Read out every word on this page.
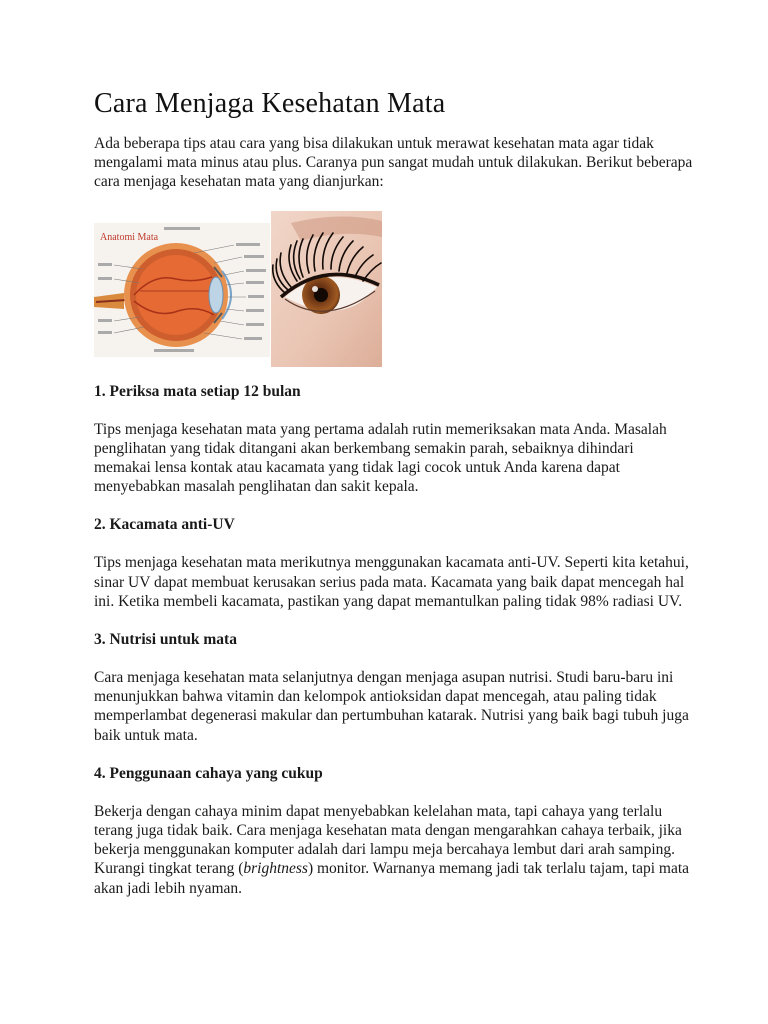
Cara Menjaga Kesehatan Mata

Ada beberapa tips atau cara yang bisa dilakukan untuk merawat kesehatan mata agar tidak mengalami mata minus atau plus. Caranya pun sangat mudah untuk dilakukan. Berikut beberapa cara menjaga kesehatan mata yang dianjurkan:

Anatomi Mata
1. Periksa mata setiap 12 bulan

Tips menjaga kesehatan mata yang pertama adalah rutin memeriksakan mata Anda. Masalah penglihatan yang tidak ditangani akan berkembang semakin parah, sebaiknya dihindari memakai lensa kontak atau kacamata yang tidak lagi cocok untuk Anda karena dapat menyebabkan masalah penglihatan dan sakit kepala.

2. Kacamata anti-UV

Tips menjaga kesehatan mata merikutnya menggunakan kacamata anti-UV. Seperti kita ketahui, sinar UV dapat membuat kerusakan serius pada mata. Kacamata yang baik dapat mencegah hal ini. Ketika membeli kacamata, pastikan yang dapat memantulkan paling tidak 98% radiasi UV.

3. Nutrisi untuk mata

Cara menjaga kesehatan mata selanjutnya dengan menjaga asupan nutrisi. Studi baru-baru ini menunjukkan bahwa vitamin dan kelompok antioksidan dapat mencegah, atau paling tidak memperlambat degenerasi makular dan pertumbuhan katarak. Nutrisi yang baik bagi tubuh juga baik untuk mata.

4. Penggunaan cahaya yang cukup

Bekerja dengan cahaya minim dapat menyebabkan kelelahan mata, tapi cahaya yang terlalu terang juga tidak baik. Cara menjaga kesehatan mata dengan mengarahkan cahaya terbaik, jika bekerja menggunakan komputer adalah dari lampu meja bercahaya lembut dari arah samping. Kurangi tingkat terang (brightness) monitor. Warnanya memang jadi tak terlalu tajam, tapi mata akan jadi lebih nyaman.
